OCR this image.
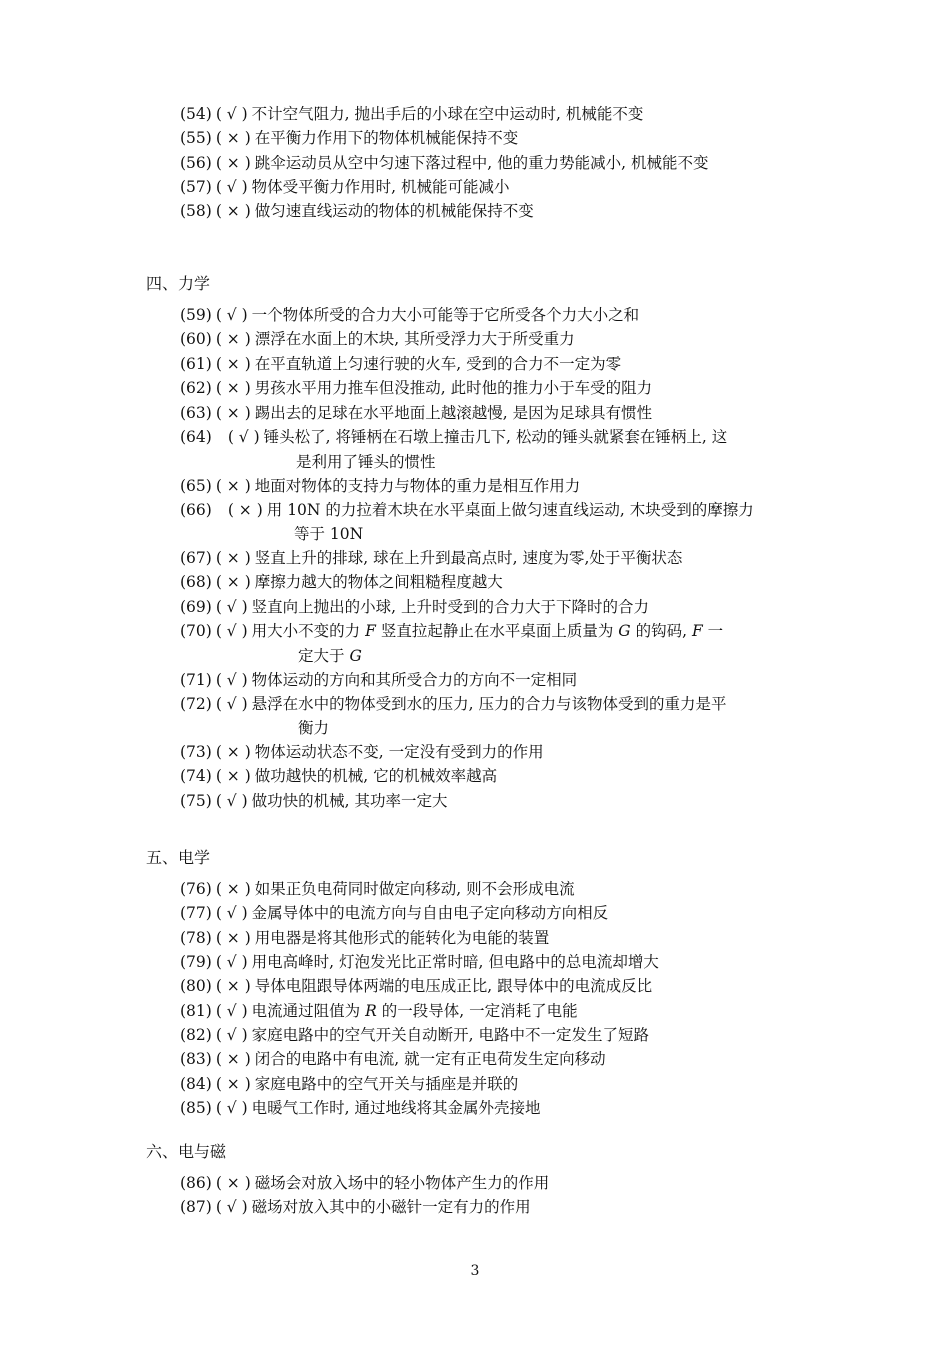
(54) ( √ ) 不计空气阻力, 抛出手后的小球在空中运动时, 机械能不变
(55) ( × ) 在平衡力作用下的物体机械能保持不变
(56) ( × ) 跳伞运动员从空中匀速下落过程中, 他的重力势能减小, 机械能不变
(57) ( √ ) 物体受平衡力作用时, 机械能可能减小
(58) ( × ) 做匀速直线运动的物体的机械能保持不变
四、力学
(59) ( √ ) 一个物体所受的合力大小可能等于它所受各个力大小之和
(60) ( × ) 漂浮在水面上的木块, 其所受浮力大于所受重力
(61) ( × ) 在平直轨道上匀速行驶的火车, 受到的合力不一定为零
(62) ( × ) 男孩水平用力推车但没推动, 此时他的推力小于车受的阻力
(63) ( × ) 踢出去的足球在水平地面上越滚越慢, 是因为足球具有惯性
(64) ( √ ) 锤头松了, 将锤柄在石墩上撞击几下, 松动的锤头就紧套在锤柄上, 这
是利用了锤头的惯性
(65) ( × ) 地面对物体的支持力与物体的重力是相互作用力
(66) ( × ) 用 10N 的力拉着木块在水平桌面上做匀速直线运动, 木块受到的摩擦力
等于 10N
(67) ( × ) 竖直上升的排球, 球在上升到最高点时, 速度为零,处于平衡状态
(68) ( × ) 摩擦力越大的物体之间粗糙程度越大
(69) ( √ ) 竖直向上抛出的小球, 上升时受到的合力大于下降时的合力
(70) ( √ ) 用大小不变的力 F 竖直拉起静止在水平桌面上质量为 G 的钩码, F 一
定大于 G
(71) ( √ ) 物体运动的方向和其所受合力的方向不一定相同
(72) ( √ ) 悬浮在水中的物体受到水的压力, 压力的合力与该物体受到的重力是平
衡力
(73) ( × ) 物体运动状态不变, 一定没有受到力的作用
(74) ( × ) 做功越快的机械, 它的机械效率越高
(75) ( √ ) 做功快的机械, 其功率一定大
五、电学
(76) ( × ) 如果正负电荷同时做定向移动, 则不会形成电流
(77) ( √ ) 金属导体中的电流方向与自由电子定向移动方向相反
(78) ( × ) 用电器是将其他形式的能转化为电能的装置
(79) ( √ ) 用电高峰时, 灯泡发光比正常时暗, 但电路中的总电流却增大
(80) ( × ) 导体电阻跟导体两端的电压成正比, 跟导体中的电流成反比
(81) ( √ ) 电流通过阻值为 R 的一段导体, 一定消耗了电能
(82) ( √ ) 家庭电路中的空气开关自动断开, 电路中不一定发生了短路
(83) ( × ) 闭合的电路中有电流, 就一定有正电荷发生定向移动
(84) ( × ) 家庭电路中的空气开关与插座是并联的
(85) ( √ ) 电暖气工作时, 通过地线将其金属外壳接地
六、电与磁
(86) ( × ) 磁场会对放入场中的轻小物体产生力的作用
(87) ( √ ) 磁场对放入其中的小磁针一定有力的作用
3
